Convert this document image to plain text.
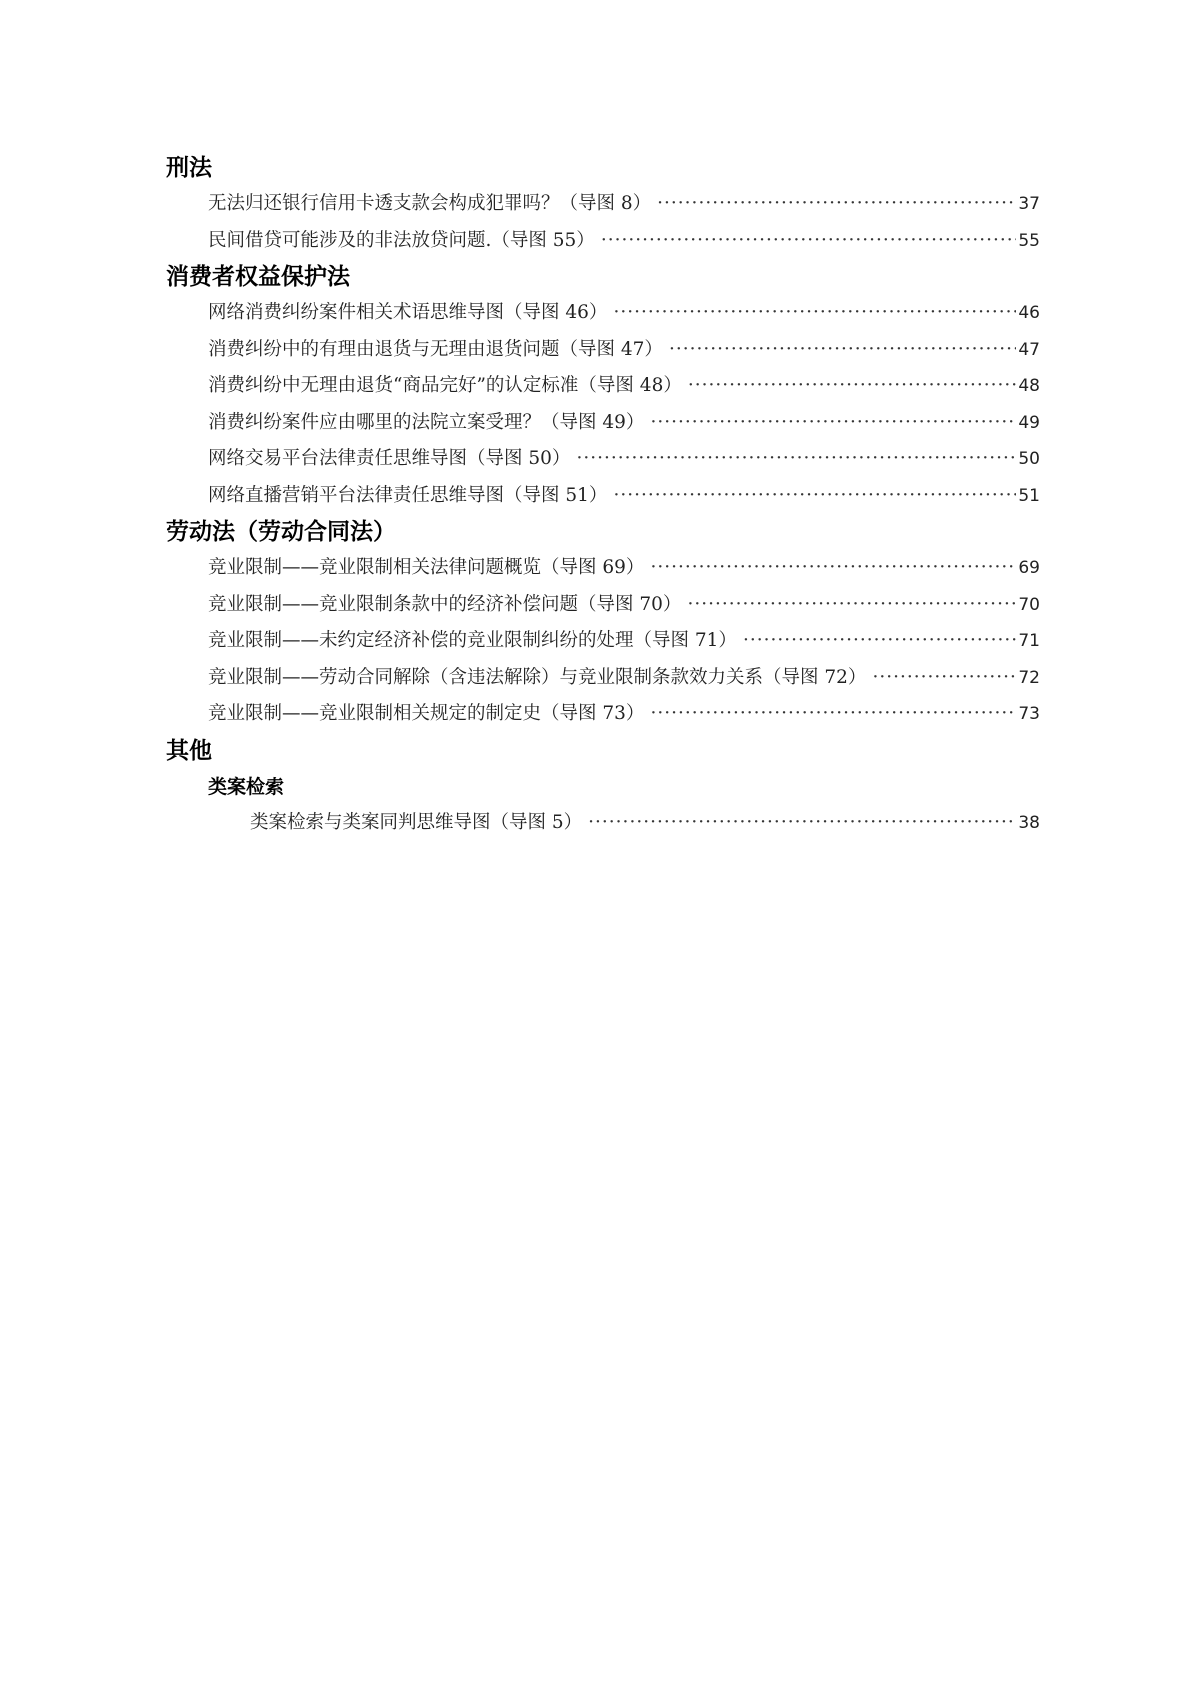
刑法
无法归还银行信用卡透支款会构成犯罪吗？（导图 8） ·····	37
民间借贷可能涉及的非法放贷问题.（导图 55） ·····	55
消费者权益保护法
网络消费纠纷案件相关术语思维导图（导图 46） ·····	46
消费纠纷中的有理由退货与无理由退货问题（导图 47） ·····	47
消费纠纷中无理由退货“商品完好”的认定标准（导图 48） ·····	48
消费纠纷案件应由哪里的法院立案受理？（导图 49） ·····	49
网络交易平台法律责任思维导图（导图 50） ·····	50
网络直播营销平台法律责任思维导图（导图 51） ·····	51
劳动法（劳动合同法）
竞业限制——竞业限制相关法律问题概览（导图 69） ·····	69
竞业限制——竞业限制条款中的经济补偿问题（导图 70） ·····	70
竞业限制——未约定经济补偿的竞业限制纠纷的处理（导图 71） ·····	71
竞业限制——劳动合同解除（含违法解除）与竞业限制条款效力关系（导图 72） ·····	72
竞业限制——竞业限制相关规定的制定史（导图 73） ·····	73
其他
类案检索
类案检索与类案同判思维导图（导图 5） ·····	38
